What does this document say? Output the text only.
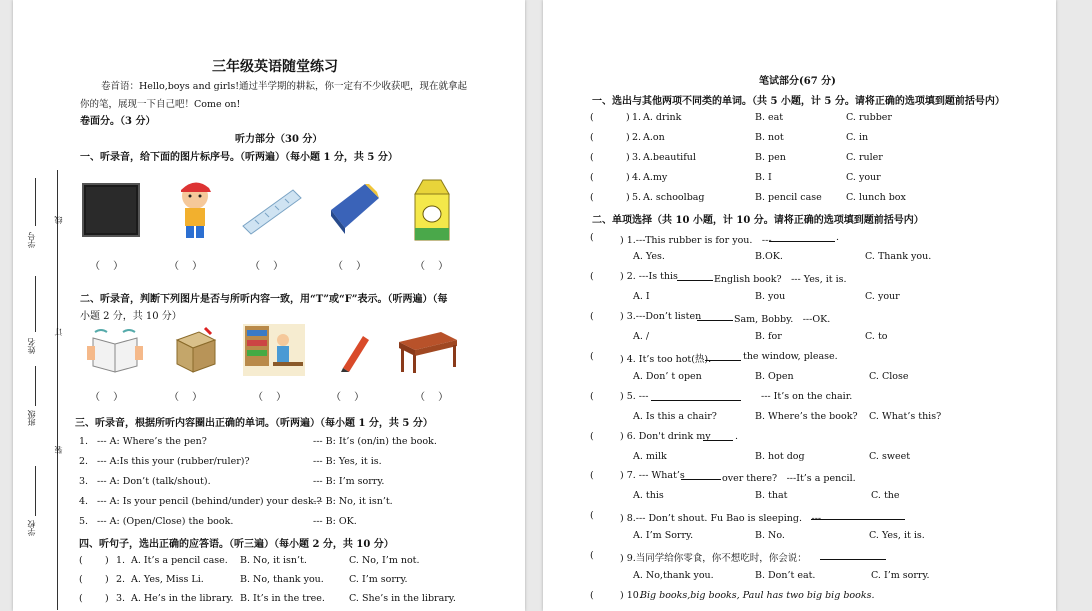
学号
线
姓名
订
班级
装
学校
三年级英语随堂练习
卷首语：Hello,boys and girls!通过半学期的耕耘，你一定有不少收获吧，现在就拿起
你的笔，展现一下自己吧！Come on!
卷面分。（3 分）
听力部分（30 分）
一、听录音，给下面的图片标序号。（听两遍）（每小题 1 分，共 5 分）
（　 ）	（　 ）	（　 ）	（　 ）	（　 ）
二、听录音，判断下列图片是否与所听内容一致，用“T”或“F”表示。（听两遍）（每
小题 2 分，共 10 分）
（　 ）	（　 ）	（　 ）	（　 ）	（　 ）
三、听录音，根据所听内容圈出正确的单词。（听两遍）（每小题 1 分，共 5 分）
1. --- A: Where’s the pen?	--- B: It’s (on/in) the book.
2. --- A:Is this your (rubber/ruler)?	--- B: Yes, it is.
3. --- A: Don’t (talk/shout).	--- B: I’m sorry.
4. --- A: Is your pencil (behind/under) your desk.?
--- B: No, it isn’t.
5. --- A: (Open/Close) the book.	--- B: OK.
四、听句子，选出正确的应答语。（听三遍）（每小题 2 分，共 10 分）
( ) 1. A. It’s a pencil case. B. No, it isn’t.	C. No, I’m not.
( ) 2. A. Yes, Miss Li.	B. No, thank you.	C. I’m sorry.
( ) 3. A. He’s in the library. B. It’s in the tree.	C. She’s in the library.
笔试部分(67 分)
一、选出与其他两项不同类的单词。（共 5 小题，计 5 分。请将正确的选项填到题前括号内）
(	) 1. A. drink	B. eat	C. rubber
(	) 2. A.on	B. not	C. in
(	) 3. A.beautiful	B. pen	C. ruler
(	) 4. A.my	B. I	C. your
(	) 5. A. schoolbag	B. pencil case	C. lunch box
二、单项选择（共 10 小题，计 10 分。请将正确的选项填到题前括号内）
(	) 1.---This rubber is for you.　---	.
A. Yes.	B.OK.	C. Thank you.
(	) 2. ---Is this	English book?　--- Yes, it is.
A. I	B. you	C. your
(	) 3.---Don’t listen	Sam, Bobby.　---OK.
A. /	B. for	C. to
(	) 4. It’s too hot(热).	the window, please.
A. Don’ t open	B. Open	C. Close
(	) 5. ---	--- It’s on the chair.
A. Is this a chair?	B. Where’s the book? C. What’s this?
(	) 6. Don't drink my	.
A. milk	B. hot dog	C. sweet
(	) 7. --- What’s	over there?　---It’s a pencil.
A. this	B. that	C. the
(	) 8.--- Don’t shout. Fu Bao is sleeping.　---
A. I’m Sorry.	B. No.	C. Yes, it is.
(	) 9.当同学给你零食，你不想吃时，你会说：
A. No,thank you.	B. Don’t eat.	C. I’m sorry.
(	) 10.
Big books,big books, Paul has two big big books.
